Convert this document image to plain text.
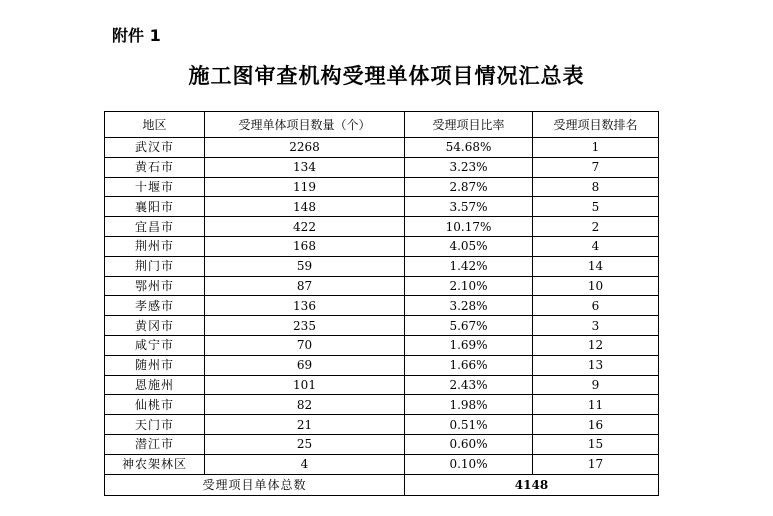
附件 1
施工图审查机构受理单体项目情况汇总表
地区	受理单体项目数量（个）	受理项目比率	受理项目数排名
武汉市	2268	54.68%	1
黄石市	134	3.23%	7
十堰市	119	2.87%	8
襄阳市	148	3.57%	5
宜昌市	422	10.17%	2
荆州市	168	4.05%	4
荆门市	59	1.42%	14
鄂州市	87	2.10%	10
孝感市	136	3.28%	6
黄冈市	235	5.67%	3
咸宁市	70	1.69%	12
随州市	69	1.66%	13
恩施州	101	2.43%	9
仙桃市	82	1.98%	11
天门市	21	0.51%	16
潜江市	25	0.60%	15
神农架林区	4	0.10%	17
受理项目单体总数		4148	
